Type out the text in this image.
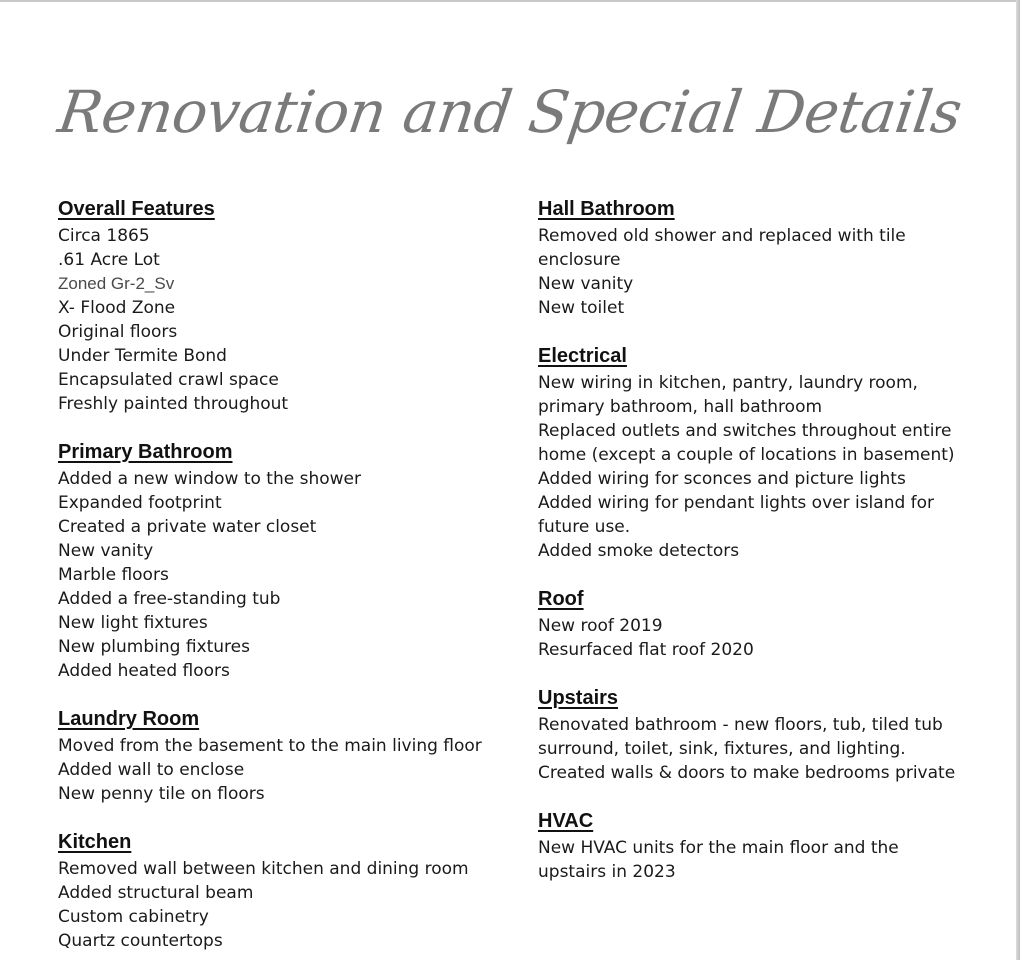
Renovation and Special Details
Overall Features
Circa 1865
.61 Acre Lot
Zoned Gr-2_Sv
X- Flood Zone
Original floors
Under Termite Bond
Encapsulated crawl space
Freshly painted throughout
Primary Bathroom
Added a new window to the shower
Expanded footprint
Created a private water closet
New vanity
Marble floors
Added a free-standing tub
New light fixtures
New plumbing fixtures
Added heated floors
Laundry Room
Moved from the basement to the main living floor
Added wall to enclose
New penny tile on floors
Kitchen
Removed wall between kitchen and dining room
Added structural beam
Custom cabinetry
Quartz countertops
Hall Bathroom
Removed old shower and replaced with tile enclosure
New vanity
New toilet
Electrical
New wiring in kitchen, pantry, laundry room, primary bathroom, hall bathroom
Replaced outlets and switches throughout entire home (except a couple of locations in basement)
Added wiring for sconces and picture lights
Added wiring for pendant lights over island for future use.
Added smoke detectors
Roof
New roof 2019
Resurfaced flat roof 2020
Upstairs
Renovated bathroom - new floors, tub, tiled tub surround, toilet, sink, fixtures, and lighting.
Created walls & doors to make bedrooms private
HVAC
New HVAC units for the main floor and the upstairs in 2023
